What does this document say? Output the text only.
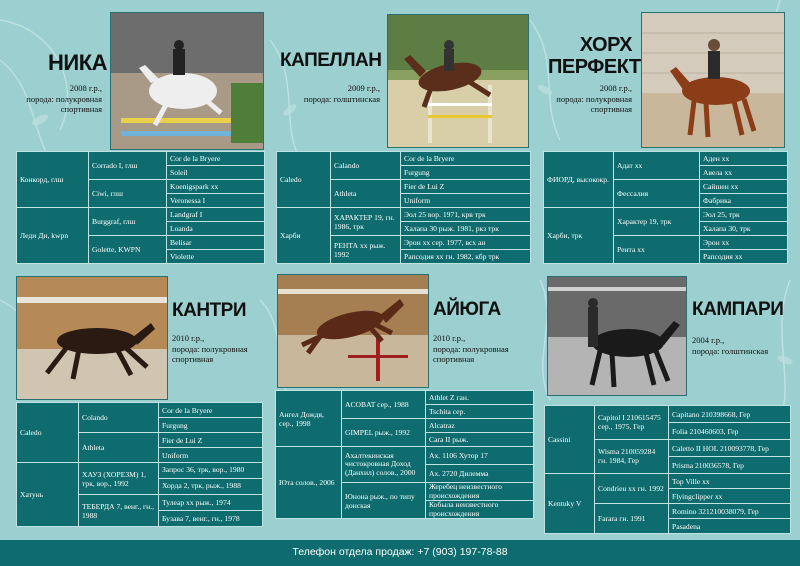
НИКА
2008 г.р.,
порода: полукровная
спортивная
Конкорд, глш	Corrado I, глш	Cor de la Bryere
		Soleil
	Ciwi, глш	Koenigspark xx
		Veronessa I
Леди Ди, kwpn	Burggraf, глш	Landgraf I
		Loanda
	Golette, KWPN	Belisar
		Violette
КАПЕЛЛАН
2009 г.р.,
порода: голштинская
Caledo	Calando	Cor de la Bryere
		Furgung
	Athleta	Fier de Lui Z
		Uniform
Харби	ХАРАКТЕР 19, гн. 1986, трк	Эол 25 вор. 1971, крв трк
		Халапа 30 рыж. 1981, ркз трк
	РЕНТА хх рыж. 1992	Эрон хх сер. 1977, всх ан
		Рапсодия хх гн. 1982, кбр трк
ХОРХ
ПЕРФЕКТ
2008 г.р.,
порода: полукровная
спортивная
ФИОРД, высококр.	Адат хх	Аден хх
		Авела хх
	Фессалия	Сайшен хх
		Фабрика
Харби, трк	Характер 19, трк	Эол 25, трк
		Халапа 30, трк
	Рента хх	Эрон хх
		Рапсодия хх
КАНТРИ
2010 г.р.,
порода: полукровная
спортивная
Caledo	Colando	Cor de la Bryere
		Furgung
	Athleta	Fier de Lui Z
		Uniform
Хатунь	ХАУЗ (ХОРЕЗМ) 1, трк, вор., 1992	Запрос 36, трк, вор., 1980
		Хорда 2, трк, рыж., 1988
	ТЕБЕРДА 7, венг., гн., 1988	Тулеар хх рыж., 1974
		Бузава 7, венг., гн., 1978
АЙЮГА
2010 г.р.,
порода: полукровная
спортивная
Ангел Дождя, сер., 1998	ACOBAT сер., 1988	Athlet Z ган.
		Tschita сер.
	GIMPEL рыж., 1992	Alcatraz
		Cara II рыж.
Юта солов., 2006	Ахалтекинская чистокровная Доход (Данхил) солов., 2000	Ах. 1106 Хутор 17
		Ах. 2720 Дилемма
	Юнона рыж., по типу донская	Жеребец неизвестного происхождения
		Кобыла неизвестного происхождения
КАМПАРИ
2004 г.р.,
порода: голштинская
Cassini	Capitol I 210615475 сер., 1975, Гер	Capitano 210398668, Гер
		Folia 210460603, Гер
	Wisma 210059284 гн. 1984, Гер	Caletto II HOL 210093778, Гер
		Prisma 210036578, Гер
Kentuky V	Condrieu xx гн. 1992	Top Ville xx
		Flyingclipper xx
	Farara гн. 1991	Romino 321210038079, Гер
		Pasadena
Телефон отдела продаж: +7 (903) 197-78-88
